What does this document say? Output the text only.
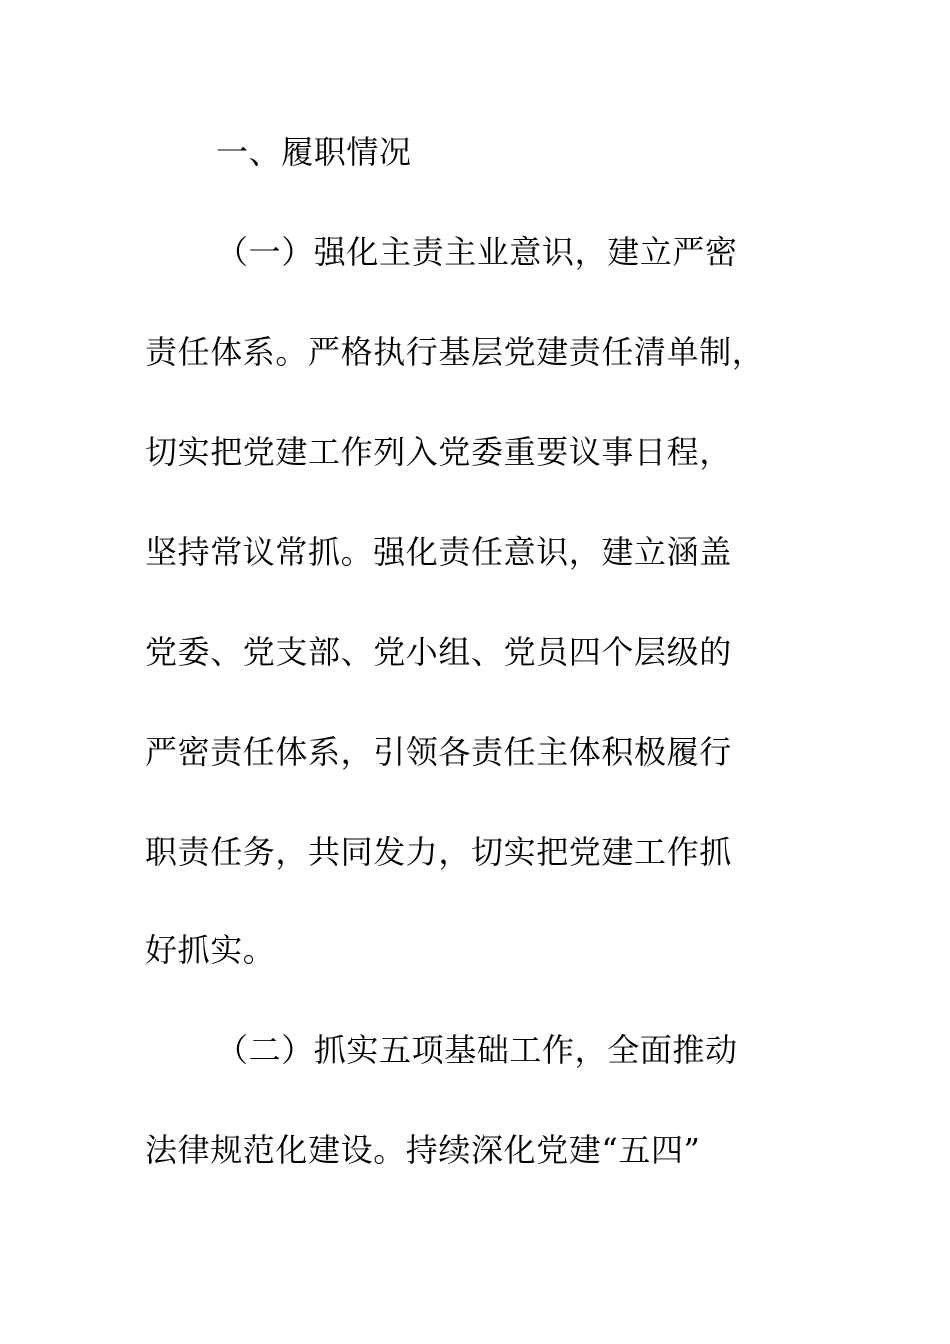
一、履职情况
（一）强化主责主业意识，建立严密
责任体系。严格执行基层党建责任清单制，
切实把党建工作列入党委重要议事日程，
坚持常议常抓。强化责任意识，建立涵盖
党委、党支部、党小组、党员四个层级的
严密责任体系，引领各责任主体积极履行
职责任务，共同发力，切实把党建工作抓
好抓实。
（二）抓实五项基础工作，全面推动
法律规范化建设。持续深化党建“五四”
